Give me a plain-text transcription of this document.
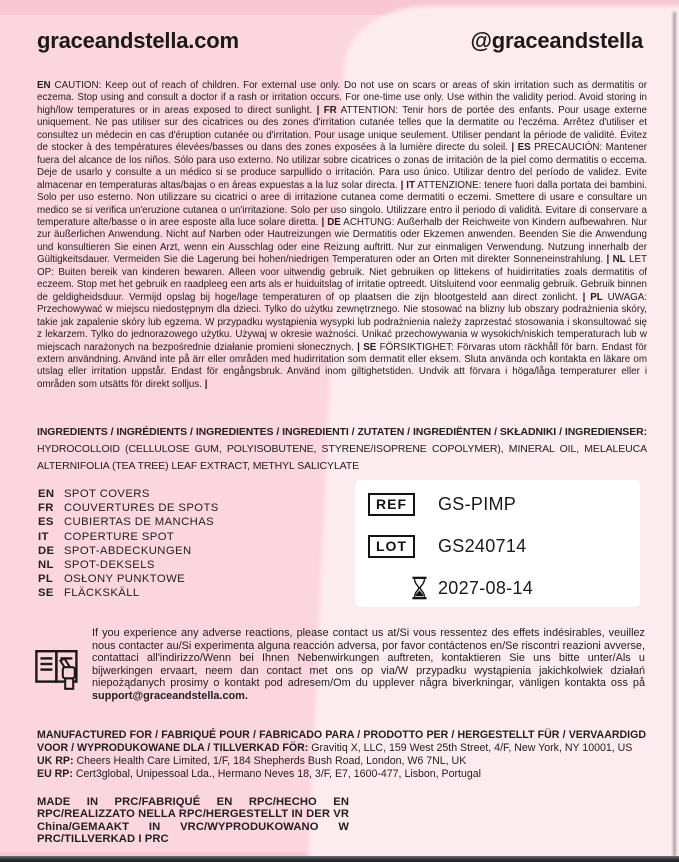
graceandstella.com	@graceandstella

EN CAUTION: Keep out of reach of children. For external use only. Do not use on scars or areas of skin irritation such as dermatitis or eczema. Stop using and consult a doctor if a rash or irritation occurs. For one-time use only. Use within the validity period. Avoid storing in high/low temperatures or in areas exposed to direct sunlight. | FR ATTENTION: Tenir hors de portée des enfants. Pour usage externe uniquement. Ne pas utiliser sur des cicatrices ou des zones d'irritation cutanée telles que la dermatite ou l'eczéma. Arrêtez d'utiliser et consultez un médecin en cas d'éruption cutanée ou d'irritation. Pour usage unique seulement. Utiliser pendant la période de validité. Évitez de stocker à des températures élevées/basses ou dans des zones exposées à la lumière directe du soleil. | ES PRECAUCIÓN: Mantener fuera del alcance de los niños. Sólo para uso externo. No utilizar sobre cicatrices o zonas de irritación de la piel como dermatitis o eccema. Deje de usarlo y consulte a un médico si se produce sarpullido o irritación. Para uso único. Utilizar dentro del período de validez. Evite almacenar en temperaturas altas/bajas o en áreas expuestas a la luz solar directa. | IT ATTENZIONE: tenere fuori dalla portata dei bambini. Solo per uso esterno. Non utilizzare su cicatrici o aree di irritazione cutanea come dermatiti o eczemi. Smettere di usare e consultare un medico se si verifica un'eruzione cutanea o un'irritazione. Solo per uso singolo. Utilizzare entro il periodo di validità. Evitare di conservare a temperature alte/basse o in aree esposte alla luce solare diretta. | DE ACHTUNG: Außerhalb der Reichweite von Kindern aufbewahren. Nur zur äußerlichen Anwendung. Nicht auf Narben oder Hautreizungen wie Dermatitis oder Ekzemen anwenden. Beenden Sie die Anwendung und konsultieren Sie einen Arzt, wenn ein Ausschlag oder eine Reizung auftritt. Nur zur einmaligen Verwendung. Nutzung innerhalb der Gültigkeitsdauer. Vermeiden Sie die Lagerung bei hohen/niedrigen Temperaturen oder an Orten mit direkter Sonneneinstrahlung. | NL LET OP: Buiten bereik van kinderen bewaren. Alleen voor uitwendig gebruik. Niet gebruiken op littekens of huidirritaties zoals dermatitis of eczeem. Stop met het gebruik en raadpleeg een arts als er huiduitslag of irritatie optreedt. Uitsluitend voor eenmalig gebruik. Gebruik binnen de geldigheidsduur. Vermijd opslag bij hoge/lage temperaturen of op plaatsen die zijn blootgesteld aan direct zonlicht. | PL UWAGA: Przechowywać w miejscu niedostępnym dla dzieci. Tylko do użytku zewnętrznego. Nie stosować na blizny lub obszary podrażnienia skóry, takie jak zapalenie skóry lub egzema. W przypadku wystąpienia wysypki lub podrażnienia należy zaprzestać stosowania i skonsultować się z lekarzem. Tylko do jednorazowego użytku. Używaj w okresie ważności. Unikać przechowywania w wysokich/niskich temperaturach lub w miejscach narażonych na bezpośrednie działanie promieni słonecznych. | SE FÖRSIKTIGHET: Förvaras utom räckhåll för barn. Endast för extern användning. Använd inte på ärr eller områden med hudirritation som dermatit eller eksem. Sluta använda och kontakta en läkare om utslag eller irritation uppstår. Endast för engångsbruk. Använd inom giltighetstiden. Undvik att förvara i höga/låga temperaturer eller i områden som utsätts för direkt solljus. |

INGREDIENTS / INGRÉDIENTS / INGREDIENTES / INGREDIENTI / ZUTATEN / INGREDIËNTEN / SKŁADNIKI / INGREDIENSER: HYDROCOLLOID (CELLULOSE GUM, POLYISOBUTENE, STYRENE/ISOPRENE COPOLYMER), MINERAL OIL, MELALEUCA ALTERNIFOLIA (TEA TREE) LEAF EXTRACT, METHYL SALICYLATE

EN SPOT COVERS
FR COUVERTURES DE SPOTS
ES CUBIERTAS DE MANCHAS
IT	COPERTURE SPOT
DE SPOT-ABDECKUNGEN
NL SPOT-DEKSELS
PL OSŁONY PUNKTOWE
SE FLÄCKSKÄLL
REF	GS-PIMP
LOT	GS240714
2027-08-14

If you experience any adverse reactions, please contact us at/Si vous ressentez des effets indésirables, veuillez nous contacter au/Si experimenta alguna reacción adversa, por favor contáctenos en/Se riscontri reazioni avverse, contattaci all'indirizzo/Wenn bei Ihnen Nebenwirkungen auftreten, kontaktieren Sie uns bitte unter/Als u bijwerkingen ervaart, neem dan contact met ons op via/W przypadku wystąpienia jakichkolwiek działań niepożądanych prosimy o kontakt pod adresem/Om du upplever några biverkningar, vänligen kontakta oss på support@graceandstella.com.

MANUFACTURED FOR / FABRIQUÉ POUR / FABRICADO PARA / PRODOTTO PER / HERGESTELLT FÜR / VERVAARDIGD VOOR / WYPRODUKOWANE DLA / TILLVERKAD FÖR: Gravitiq X, LLC, 159 West 25th Street, 4/F, New York, NY 10001, US

UK RP: Cheers Health Care Limited, 1/F, 184 Shepherds Bush Road, London, W6 7NL, UK

EU RP: Cert3global, Unipessoal Lda., Hermano Neves 18, 3/F, E7, 1600-477, Lisbon, Portugal

MADE IN PRC/FABRIQUÉ EN RPC/HECHO EN RPC/REALIZZATO NELLA RPC/HERGESTELLT IN DER VR China/GEMAAKT IN VRC/WYPRODUKOWANO W PRC/TILLVERKAD I PRC
